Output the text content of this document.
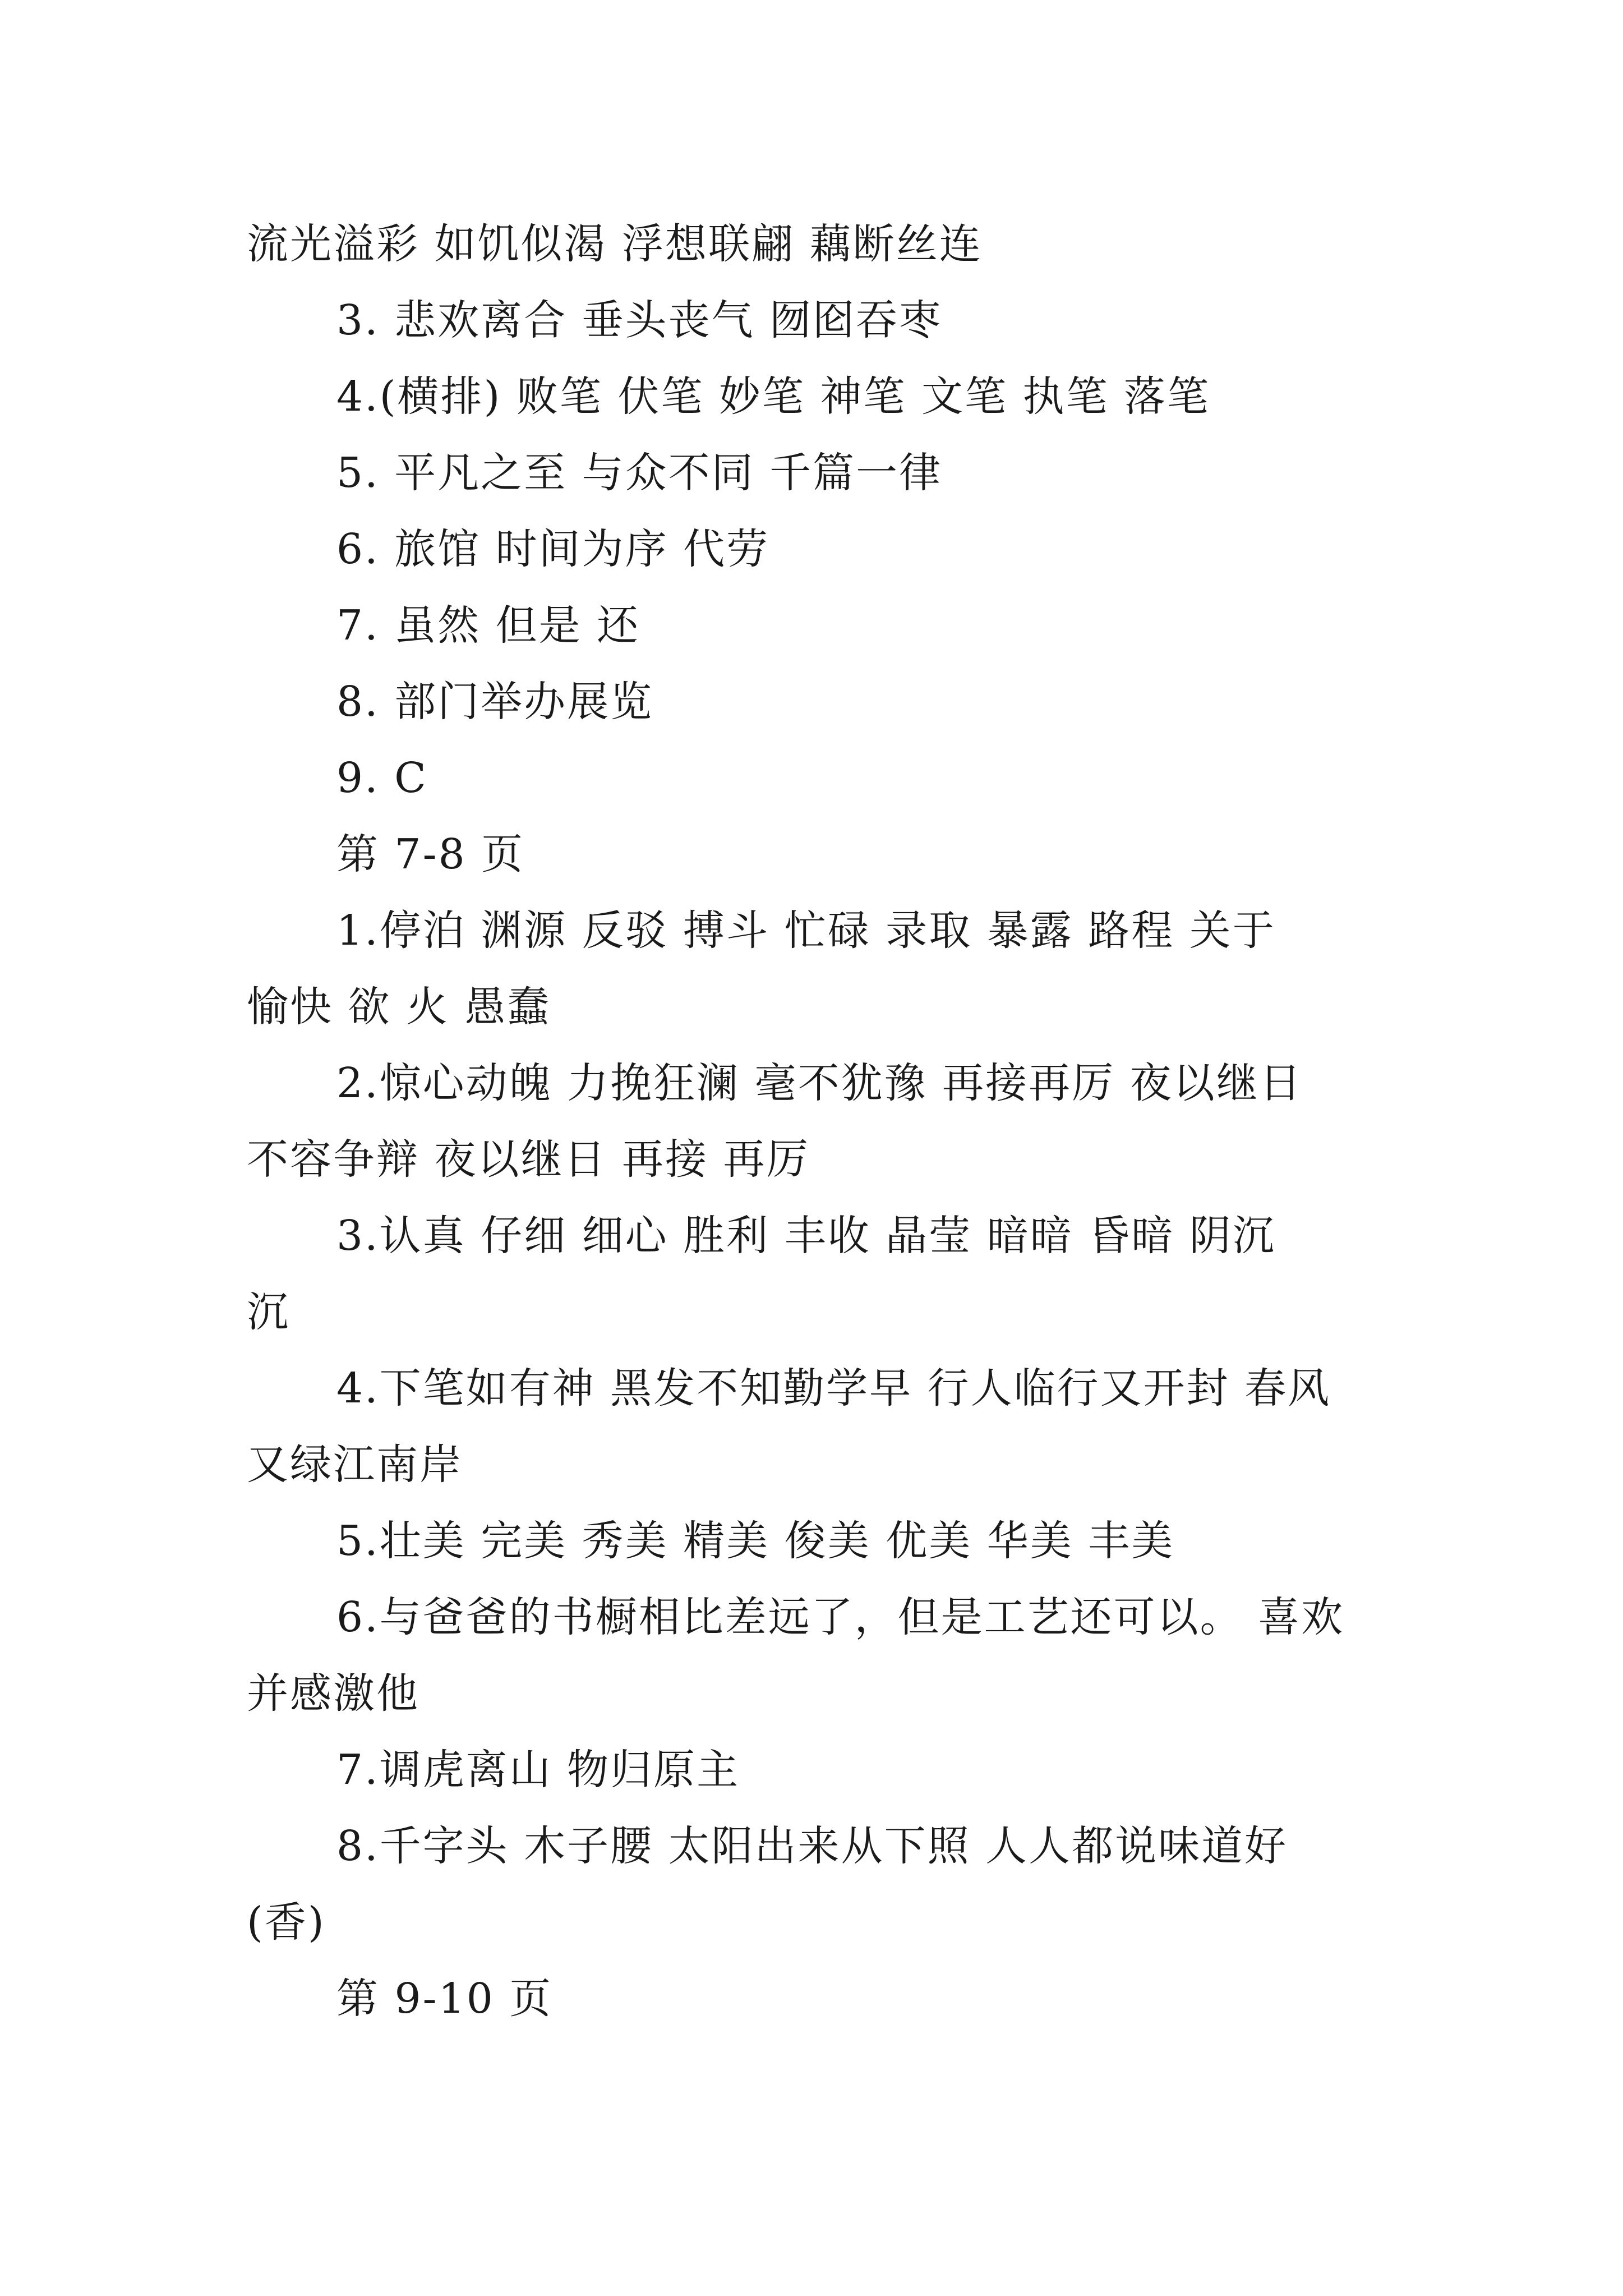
流光溢彩 如饥似渴 浮想联翩 藕断丝连
3. 悲欢离合 垂头丧气 囫囵吞枣
4.(横排) 败笔 伏笔 妙笔 神笔 文笔 执笔 落笔
5. 平凡之至 与众不同 千篇一律
6. 旅馆 时间为序 代劳
7. 虽然 但是 还
8. 部门举办展览
9. C
第 7-8 页
1.停泊 渊源 反驳 搏斗 忙碌 录取 暴露 路程 关于
愉快 欲 火 愚蠢
2.惊心动魄 力挽狂澜 毫不犹豫 再接再厉 夜以继日
不容争辩 夜以继日 再接 再厉
3.认真 仔细 细心 胜利 丰收 晶莹 暗暗 昏暗 阴沉
沉
4.下笔如有神 黑发不知勤学早 行人临行又开封 春风
又绿江南岸
5.壮美 完美 秀美 精美 俊美 优美 华美 丰美
6.与爸爸的书橱相比差远了，但是工艺还可以。 喜欢
并感激他
7.调虎离山 物归原主
8.千字头 木子腰 太阳出来从下照 人人都说味道好
(香)
第 9-10 页
